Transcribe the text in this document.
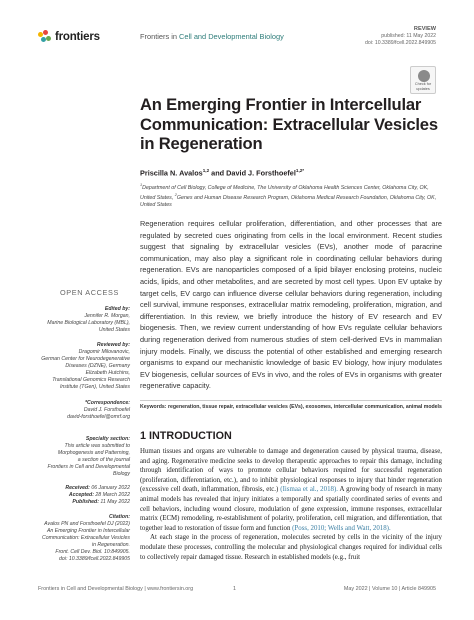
frontiers	Frontiers in Cell and Developmental Biology
REVIEW
published: 11 May 2022
doi: 10.3389/fcell.2022.849905
Check for updates
An Emerging Frontier in Intercellular Communication: Extracellular Vesicles in Regeneration
Priscilla N. Avalos$^{1,2}$ and David J. Forsthoefel$^{1,2*}$

$^1$Department of Cell Biology, College of Medicine, The University of Oklahoma Health Sciences Center, Oklahoma City, OK, United States, $^2$Genes and Human Disease Research Program, Oklahoma Medical Research Foundation, Oklahoma City, OK, United States

Regeneration requires cellular proliferation, differentiation, and other processes that are regulated by secreted cues originating from cells in the local environment. Recent studies suggest that signaling by extracellular vesicles (EVs), another mode of paracrine communication, may also play a significant role in coordinating cellular behaviors during regeneration. EVs are nanoparticles composed of a lipid bilayer enclosing proteins, nucleic acids, lipids, and other metabolites, and are secreted by most cell types. Upon EV uptake by target cells, EV cargo can influence diverse cellular behaviors during regeneration, including cell survival, immune responses, extracellular matrix remodeling, proliferation, migration, and differentiation. In this review, we briefly introduce the history of EV research and EV biogenesis. Then, we review current understanding of how EVs regulate cellular behaviors during regeneration derived from numerous studies of stem cell-derived EVs in mammalian injury models. Finally, we discuss the potential of other established and emerging research organisms to expand our mechanistic knowledge of basic EV biology, how injury modulates EV biogenesis, cellular sources of EVs in vivo, and the roles of EVs in organisms with greater regenerative capacity.
Keywords: regeneration, tissue repair, extracellular vesicles (EVs), exosomes, intercellular communication, animal models
1 INTRODUCTION

Human tissues and organs are vulnerable to damage and degeneration caused by physical trauma, disease, and aging. Regenerative medicine seeks to develop therapeutic approaches to repair this damage, including through identification of ways to promote cellular behaviors required for successful regeneration (proliferation, differentiation, etc.), and to inhibit physiological responses to injury that hinder regeneration (excessive cell death, inflammation, fibrosis, etc.) (Iismaa et al., 2018). A growing body of research in many animal models has revealed that injury initiates a temporally and spatially coordinated series of events and cell behaviors, including wound closure, modulation of gene expression, immune responses, extracellular matrix (ECM) remodeling, re-establishment of polarity, proliferation, cell migration, and differentiation, that together lead to restoration of tissue form and function (Poss, 2010; Wells and Watt, 2018).

At each stage in the process of regeneration, molecules secreted by cells in the vicinity of the injury modulate these processes, controlling the molecular and physiological changes required for individual cells to collectively repair damaged tissue. Research in established models (e.g., fruit

OPEN ACCESS
Edited by:
Jennifer R. Morgan,
Marine Biological Laboratory (MBL),
United States
Reviewed by:
Dragomir Milovanovic,
German Center for Neurodegenerative
Diseases (DZNE), Germany
Elizabeth Hutchins,
Translational Genomics Research
Institute (TGen), United States
*Correspondence:
David J. Forsthoefel
david-forsthoefel@omrf.org
Specialty section:
This article was submitted to
Morphogenesis and Patterning,
a section of the journal
Frontiers in Cell and Developmental
Biology
Received: 06 January 2022
Accepted: 28 March 2022
Published: 11 May 2022
Citation:
Avalos PN and Forsthoefel DJ (2022)
An Emerging Frontier in Intercellular
Communication: Extracellular Vesicles
in Regeneration.
Front. Cell Dev. Biol. 10:849905.
doi: 10.3389/fcell.2022.849905
Frontiers in Cell and Developmental Biology | www.frontiersin.org	1	May 2022 | Volume 10 | Article 849905
